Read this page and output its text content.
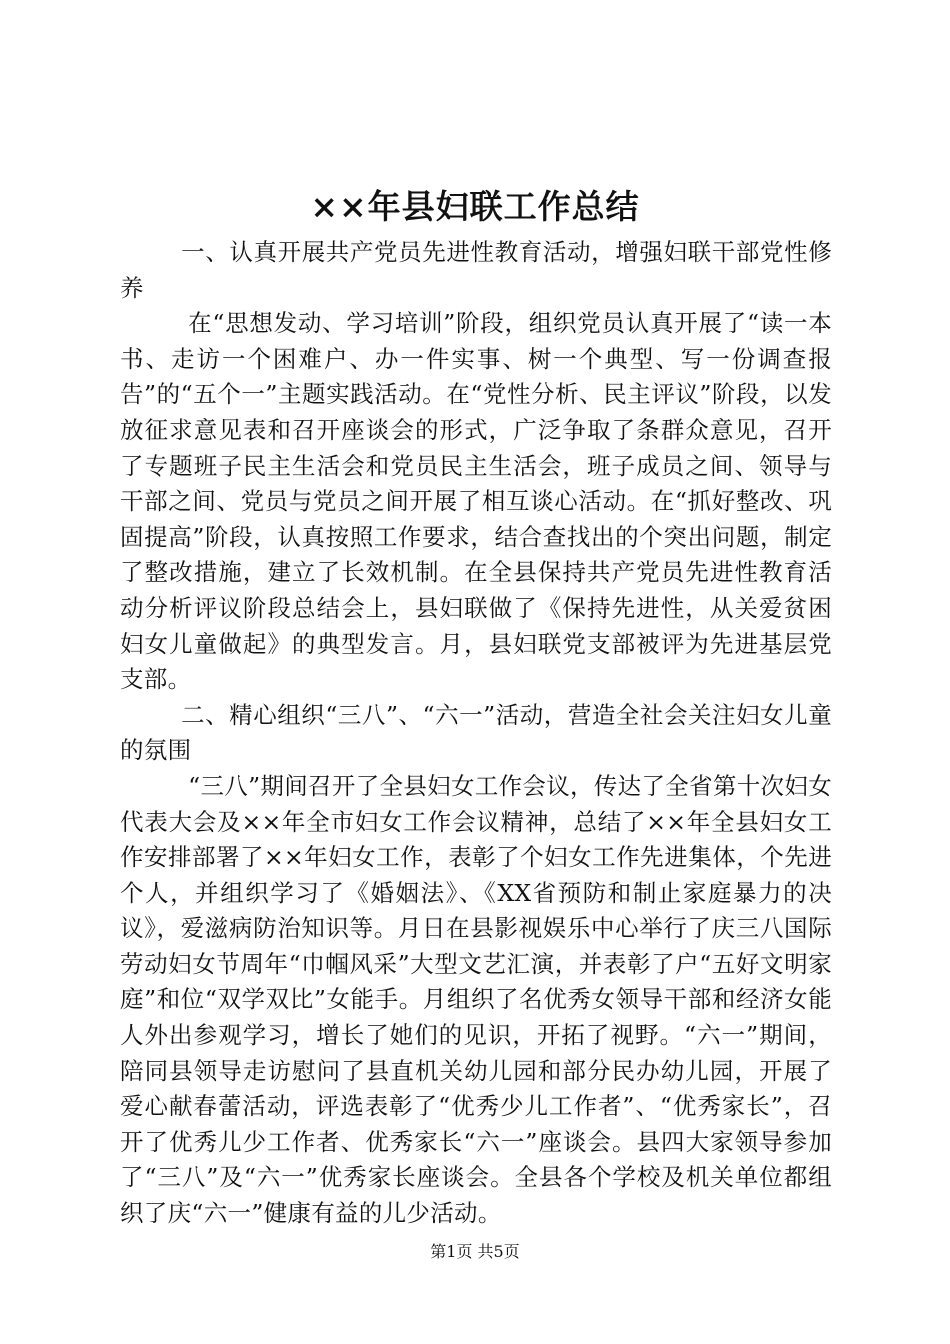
××年县妇联工作总结

一、认真开展共产党员先进性教育活动，增强妇联干部党性修养

在“思想发动、学习培训”阶段，组织党员认真开展了“读一本书、走访一个困难户、办一件实事、树一个典型、写一份调查报告”的“五个一”主题实践活动。在“党性分析、民主评议”阶段，以发放征求意见表和召开座谈会的形式，广泛争取了条群众意见，召开了专题班子民主生活会和党员民主生活会，班子成员之间、领导与干部之间、党员与党员之间开展了相互谈心活动。在“抓好整改、巩固提高”阶段，认真按照工作要求，结合查找出的个突出问题，制定了整改措施，建立了长效机制。在全县保持共产党员先进性教育活动分析评议阶段总结会上，县妇联做了《保持先进性，从关爱贫困妇女儿童做起》的典型发言。月，县妇联党支部被评为先进基层党支部。

二、精心组织“三八”、“六一”活动，营造全社会关注妇女儿童的氛围

“三八”期间召开了全县妇女工作会议，传达了全省第十次妇女代表大会及××年全市妇女工作会议精神，总结了××年全县妇女工作安排部署了××年妇女工作，表彰了个妇女工作先进集体，个先进个人，并组织学习了《婚姻法》、《XX省预防和制止家庭暴力的决议》，爱滋病防治知识等。月日在县影视娱乐中心举行了庆三八国际劳动妇女节周年“巾帼风采”大型文艺汇演，并表彰了户“五好文明家庭”和位“双学双比”女能手。月组织了名优秀女领导干部和经济女能人外出参观学习，增长了她们的见识，开拓了视野。“六一”期间，陪同县领导走访慰问了县直机关幼儿园和部分民办幼儿园，开展了爱心献春蕾活动，评选表彰了“优秀少儿工作者”、“优秀家长”，召开了优秀儿少工作者、优秀家长“六一”座谈会。县四大家领导参加了“三八”及“六一”优秀家长座谈会。全县各个学校及机关单位都组织了庆“六一”健康有益的儿少活动。

第1页 共5页
